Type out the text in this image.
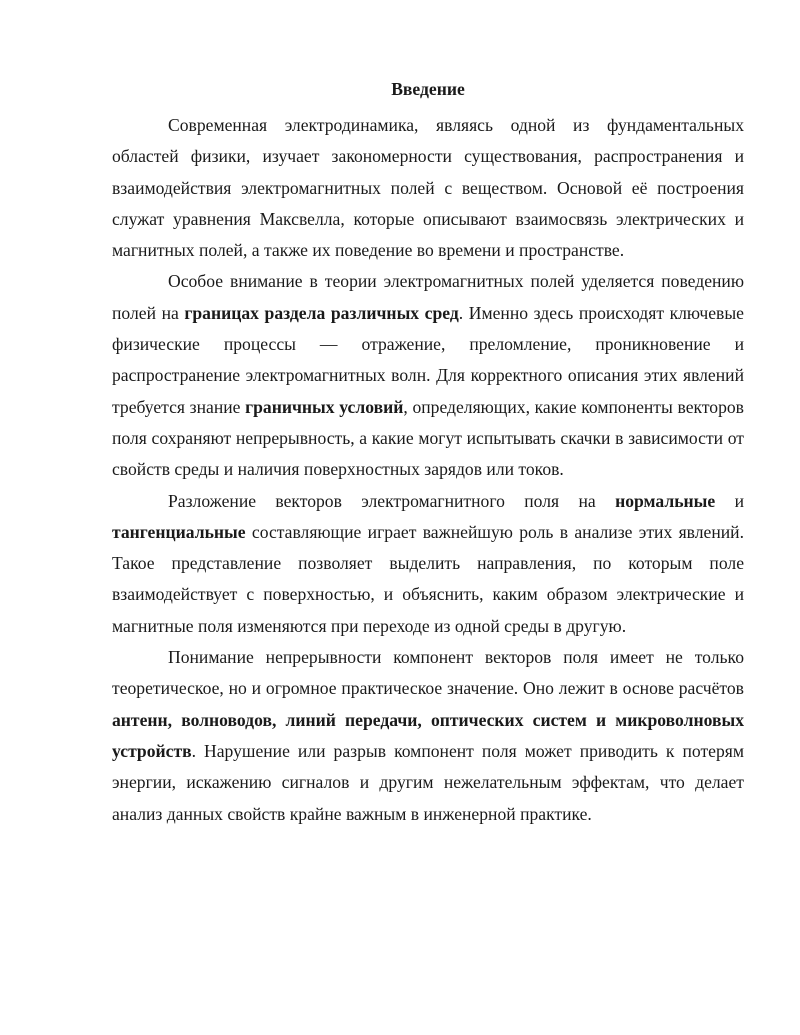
Введение

Современная электродинамика, являясь одной из фундаментальных областей физики, изучает закономерности существования, распространения и взаимодействия электромагнитных полей с веществом. Основой её построения служат уравнения Максвелла, которые описывают взаимосвязь электрических и магнитных полей, а также их поведение во времени и пространстве.

Особое внимание в теории электромагнитных полей уделяется поведению полей на границах раздела различных сред. Именно здесь происходят ключевые физические процессы — отражение, преломление, проникновение и распространение электромагнитных волн. Для корректного описания этих явлений требуется знание граничных условий, определяющих, какие компоненты векторов поля сохраняют непрерывность, а какие могут испытывать скачки в зависимости от свойств среды и наличия поверхностных зарядов или токов.

Разложение векторов электромагнитного поля на нормальные и тангенциальные составляющие играет важнейшую роль в анализе этих явлений. Такое представление позволяет выделить направления, по которым поле взаимодействует с поверхностью, и объяснить, каким образом электрические и магнитные поля изменяются при переходе из одной среды в другую.

Понимание непрерывности компонент векторов поля имеет не только теоретическое, но и огромное практическое значение. Оно лежит в основе расчётов антенн, волноводов, линий передачи, оптических систем и микроволновых устройств. Нарушение или разрыв компонент поля может приводить к потерям энергии, искажению сигналов и другим нежелательным эффектам, что делает анализ данных свойств крайне важным в инженерной практике.
